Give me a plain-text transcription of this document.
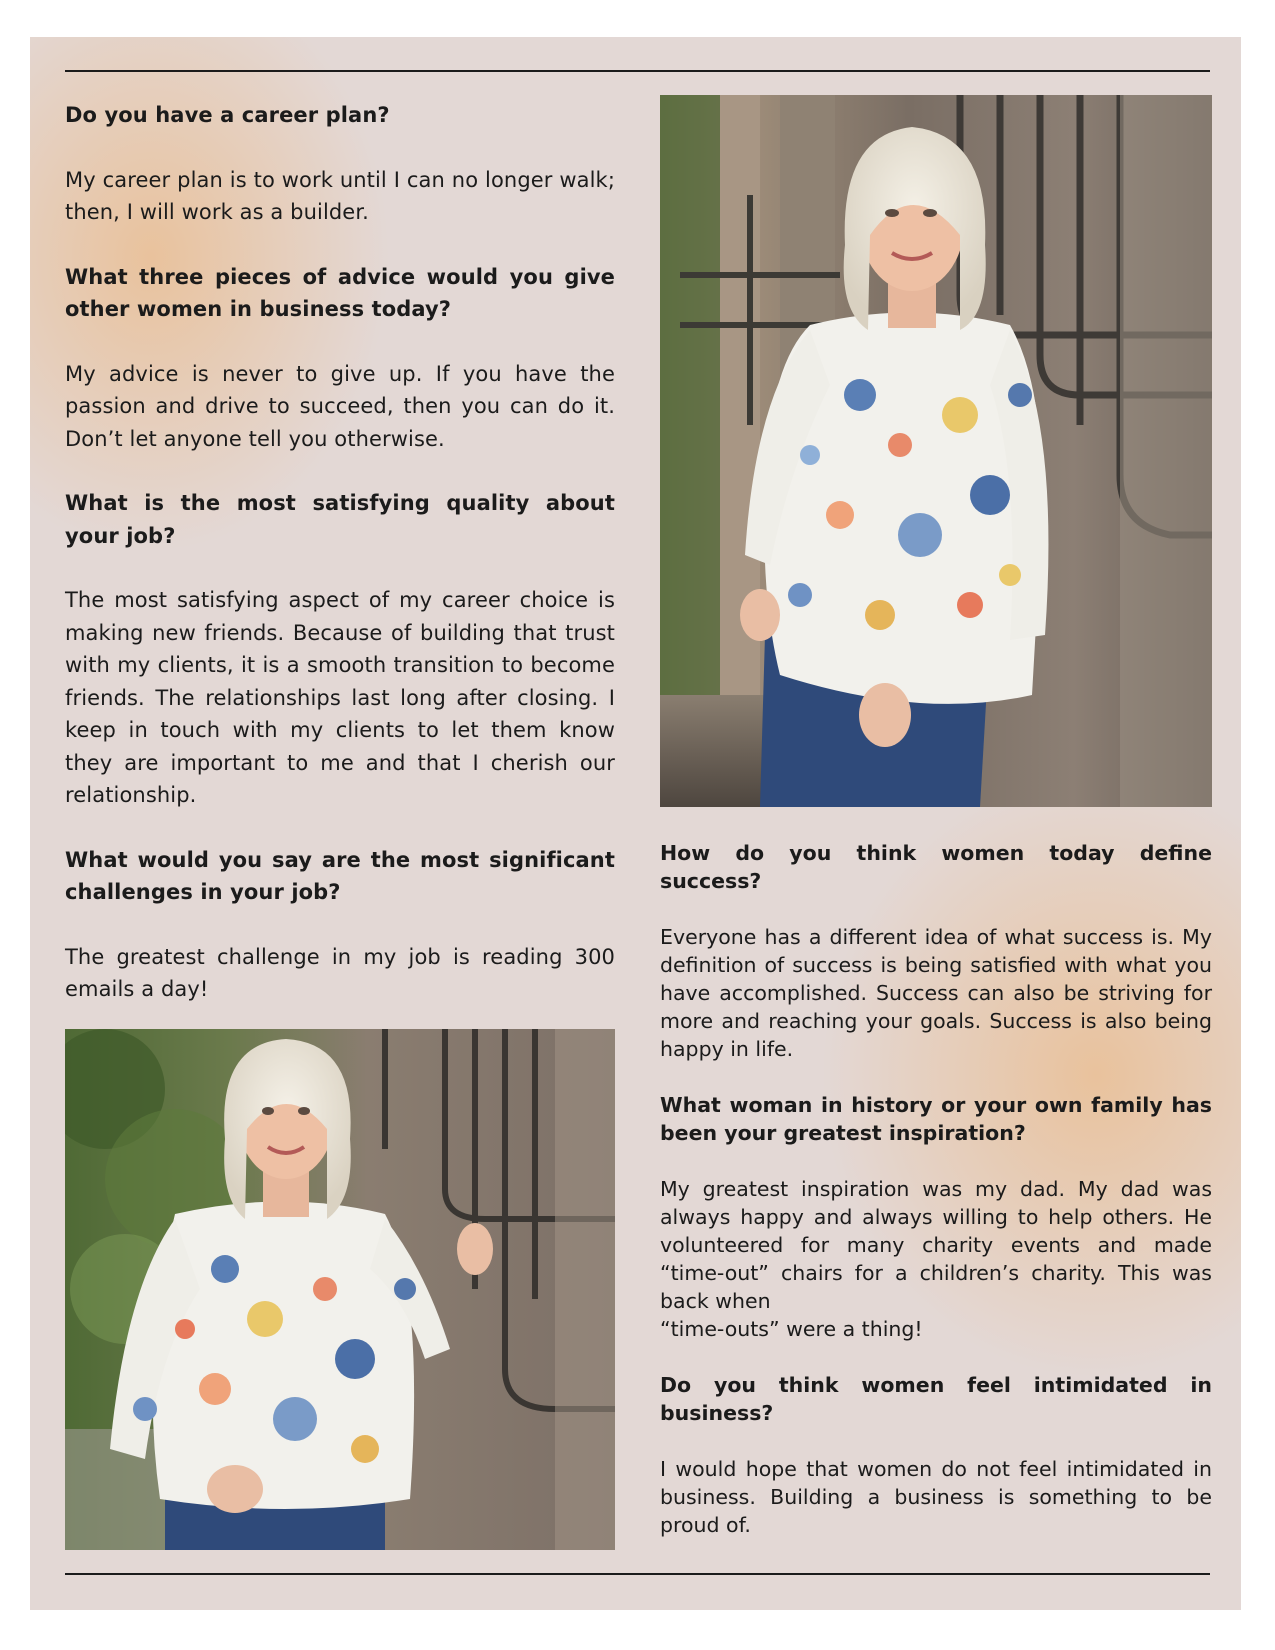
Do you have a career plan?

My career plan is to work until I can no longer walk; then, I will work as a builder.

What three pieces of advice would you give other women in business today?

My advice is never to give up. If you have the passion and drive to succeed, then you can do it. Don’t let anyone tell you otherwise.

What is the most satisfying quality about your job?

The most satisfying aspect of my career choice is making new friends. Because of building that trust with my clients, it is a smooth transition to become friends. The relationships last long after closing. I keep in touch with my clients to let them know they are important to me and that I cherish our relationship.

What would you say are the most significant challenges in your job?

The greatest challenge in my job is reading 300 emails a day!

How do you think women today define success?

Everyone has a different idea of what success is. My definition of success is being satisfied with what you have accomplished. Success can also be striving for more and reaching your goals. Success is also being happy in life.

What woman in history or your own family has been your greatest inspiration?

My greatest inspiration was my dad. My dad was always happy and always willing to help others. He volunteered for many charity events and made “time-out” chairs for a children’s charity. This was back when
“time-outs” were a thing!

Do you think women feel intimidated in business?

I would hope that women do not feel intimidated in business. Building a business is something to be proud of.
